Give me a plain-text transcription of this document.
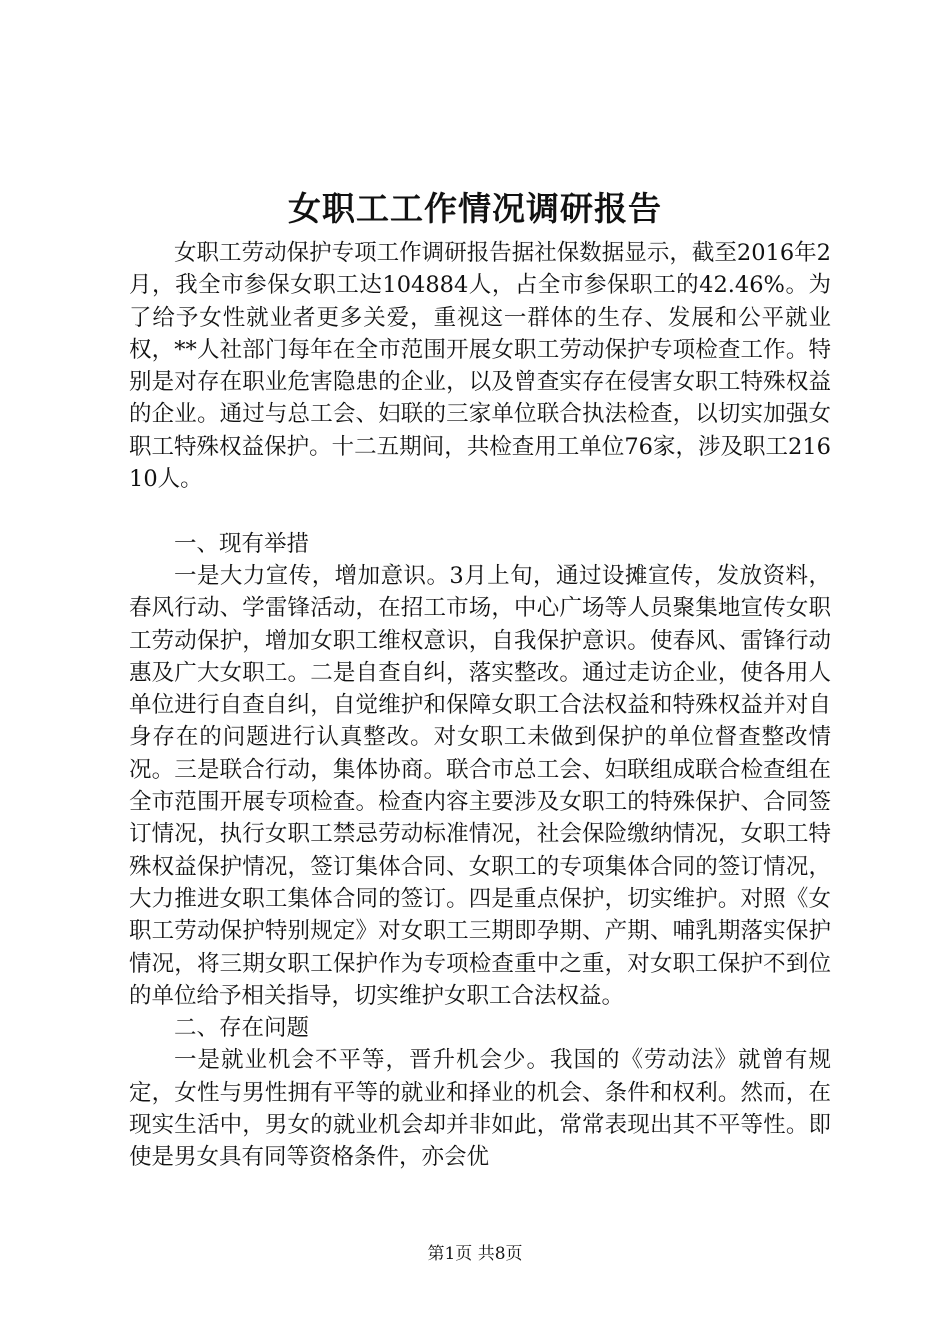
女职工工作情况调研报告

女职工劳动保护专项工作调研报告据社保数据显示，截至2016年2月，我全市参保女职工达104884人，占全市参保职工的42.46%。为了给予女性就业者更多关爱，重视这一群体的生存、发展和公平就业权，**人社部门每年在全市范围开展女职工劳动保护专项检查工作。特别是对存在职业危害隐患的企业，以及曾查实存在侵害女职工特殊权益的企业。通过与总工会、妇联的三家单位联合执法检查，以切实加强女职工特殊权益保护。十二五期间，共检查用工单位76家，涉及职工21610人。

一、现有举措

一是大力宣传，增加意识。3月上旬，通过设摊宣传，发放资料，春风行动、学雷锋活动，在招工市场，中心广场等人员聚集地宣传女职工劳动保护，增加女职工维权意识，自我保护意识。使春风、雷锋行动惠及广大女职工。二是自查自纠，落实整改。通过走访企业，使各用人单位进行自查自纠，自觉维护和保障女职工合法权益和特殊权益并对自身存在的问题进行认真整改。对女职工未做到保护的单位督查整改情况。三是联合行动，集体协商。联合市总工会、妇联组成联合检查组在全市范围开展专项检查。检查内容主要涉及女职工的特殊保护、合同签订情况，执行女职工禁忌劳动标准情况，社会保险缴纳情况，女职工特殊权益保护情况，签订集体合同、女职工的专项集体合同的签订情况，大力推进女职工集体合同的签订。四是重点保护，切实维护。对照《女职工劳动保护特别规定》对女职工三期即孕期、产期、哺乳期落实保护情况，将三期女职工保护作为专项检查重中之重，对女职工保护不到位的单位给予相关指导，切实维护女职工合法权益。

二、存在问题

一是就业机会不平等，晋升机会少。我国的《劳动法》就曾有规定，女性与男性拥有平等的就业和择业的机会、条件和权利。然而，在现实生活中，男女的就业机会却并非如此，常常表现出其不平等性。即使是男女具有同等资格条件，亦会优

第1页 共8页
